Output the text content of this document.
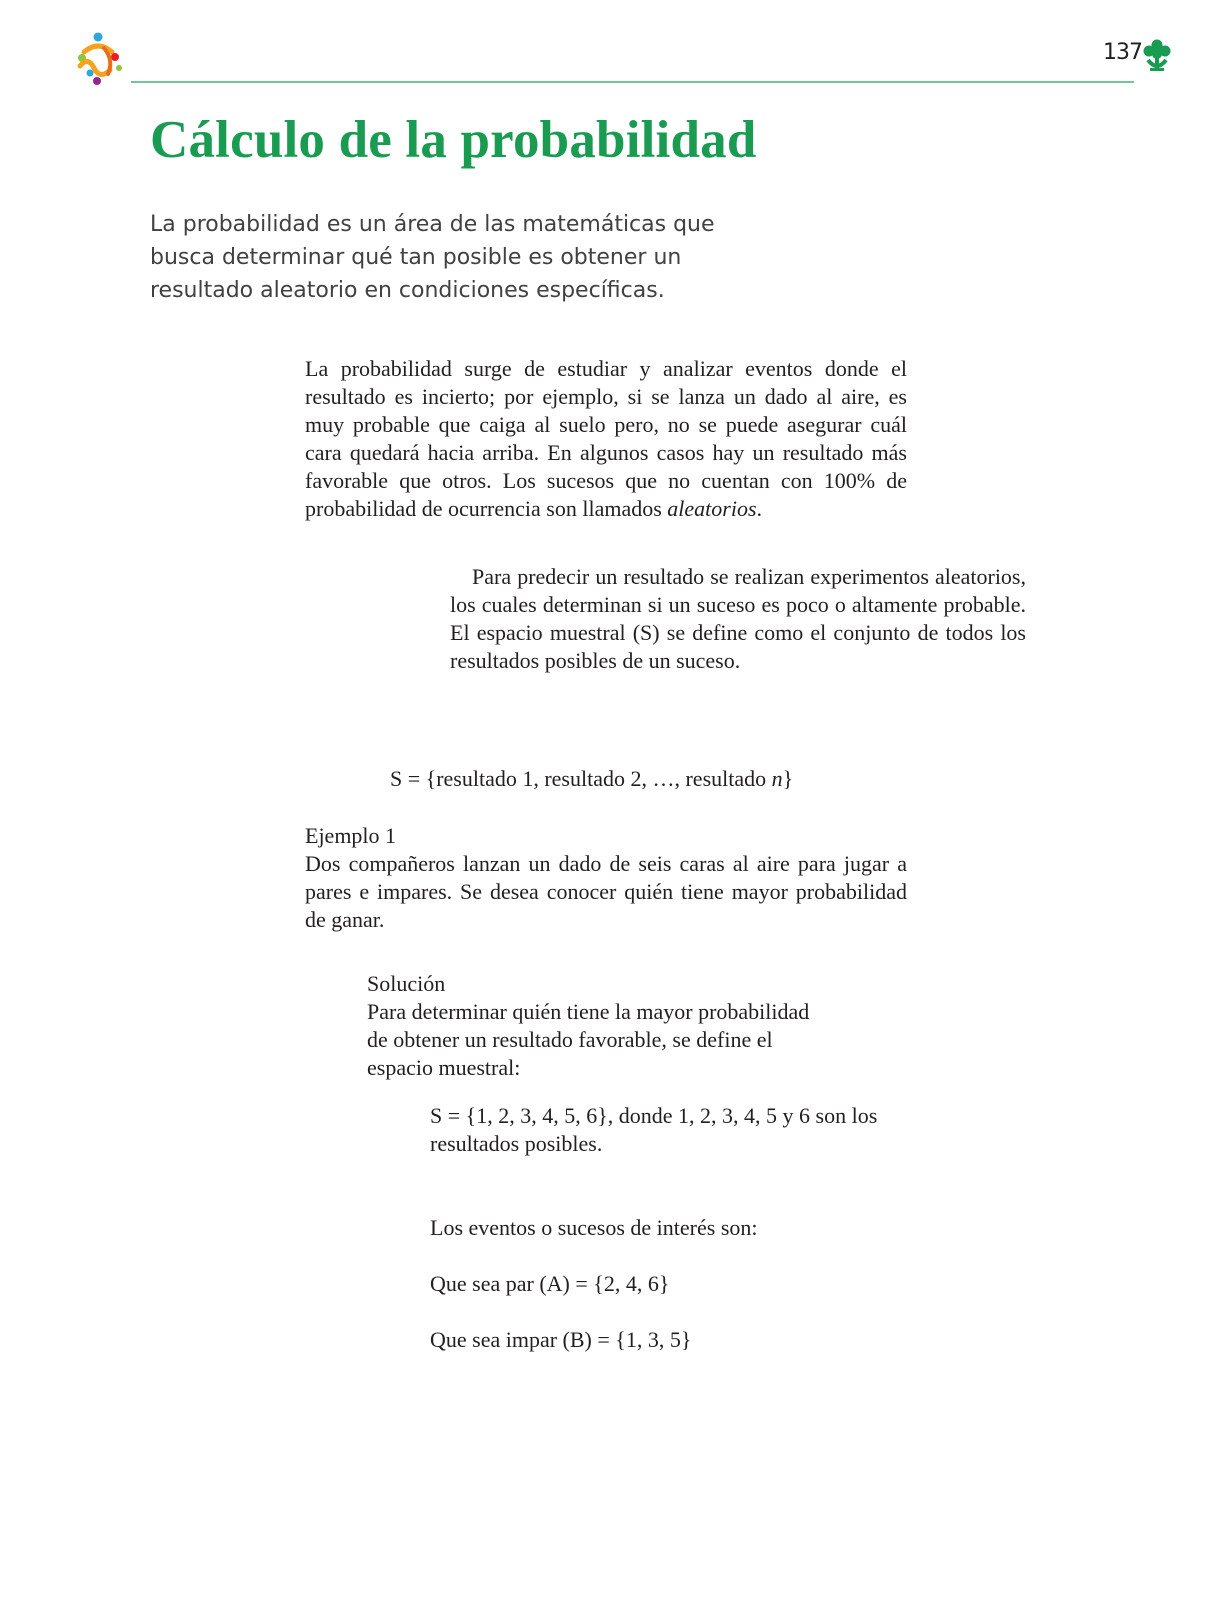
137
Cálculo de la probabilidad

La probabilidad es un área de las matemáticas que busca determinar qué tan posible es obtener un resultado aleatorio en condiciones específicas.

La probabilidad surge de estudiar y analizar eventos donde el resultado es incierto; por ejemplo, si se lanza un dado al aire, es muy probable que caiga al suelo pero, no se puede asegurar cuál cara quedará hacia arriba. En algunos casos hay un resultado más favorable que otros. Los sucesos que no cuentan con 100% de probabilidad de ocurrencia son llamados aleatorios.

Para predecir un resultado se realizan experimentos aleatorios, los cuales determinan si un suceso es poco o altamente probable. El espacio muestral (S) se define como el conjunto de todos los resultados posibles de un suceso.

S = {resultado 1, resultado 2, …, resultado n}

Ejemplo 1

Dos compañeros lanzan un dado de seis caras al aire para jugar a pares e impares. Se desea conocer quién tiene mayor probabilidad de ganar.

Solución

Para determinar quién tiene la mayor probabilidad de obtener un resultado favorable, se define el espacio muestral:

S = {1, 2, 3, 4, 5, 6}, donde 1, 2, 3, 4, 5 y 6 son los resultados posibles.

Los eventos o sucesos de interés son:

Que sea par (A) = {2, 4, 6}

Que sea impar (B) = {1, 3, 5}
